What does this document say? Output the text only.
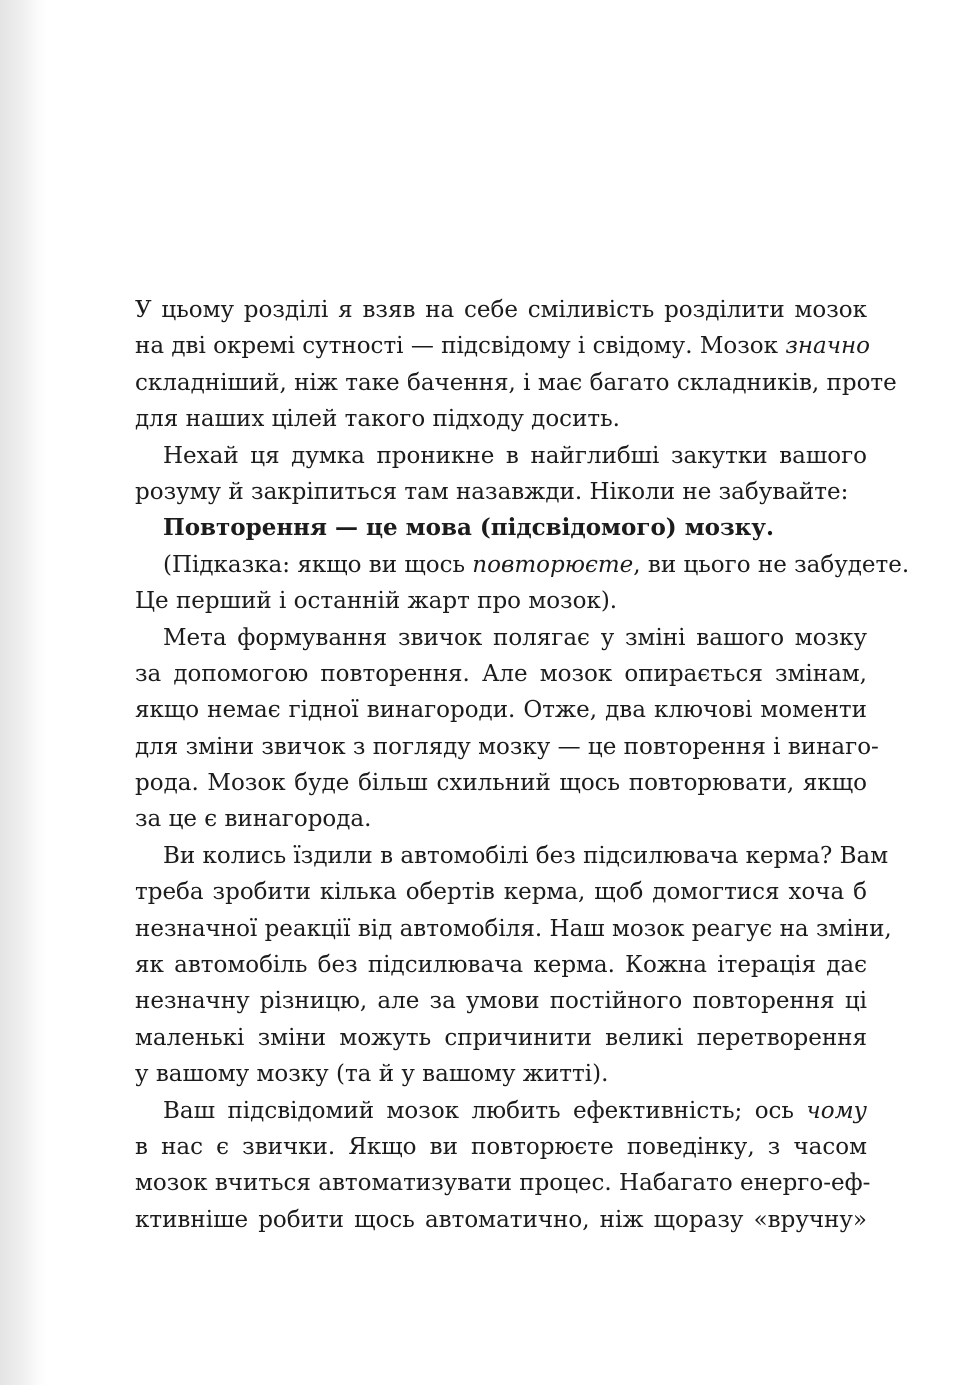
У цьому розділі я взяв на себе сміливість розділити мозок
на дві окремі сутності — підсвідому і свідому. Мозок значно
складніший, ніж таке бачення, і має багато складників, проте
для наших цілей такого підходу досить.
Нехай ця думка проникне в найглибші закутки вашого
розуму й закріпиться там назавжди. Ніколи не забувайте:
Повторення — це мова (підсвідомого) мозку.
(Підказка: якщо ви щось повторюєте, ви цього не забудете.
Це перший і останній жарт про мозок).
Мета формування звичок полягає у зміні вашого мозку
за допомогою повторення. Але мозок опирається змінам,
якщо немає гідної винагороди. Отже, два ключові моменти
для зміни звичок з погляду мозку — це повторення і винаго-
рода. Мозок буде більш схильний щось повторювати, якщо
за це є винагорода.
Ви колись їздили в автомобілі без підсилювача керма? Вам
треба зробити кілька обертів керма, щоб домогтися хоча б
незначної реакції від автомобіля. Наш мозок реагує на зміни,
як автомобіль без підсилювача керма. Кожна ітерація дає
незначну різницю, але за умови постійного повторення ці
маленькі зміни можуть спричинити великі перетворення
у вашому мозку (та й у вашому житті).
Ваш підсвідомий мозок любить ефективність; ось чому
в нас є звички. Якщо ви повторюєте поведінку, з часом
мозок вчиться автоматизувати процес. Набагато енерго-еф-
ктивніше робити щось автоматично, ніж щоразу «вручну»
